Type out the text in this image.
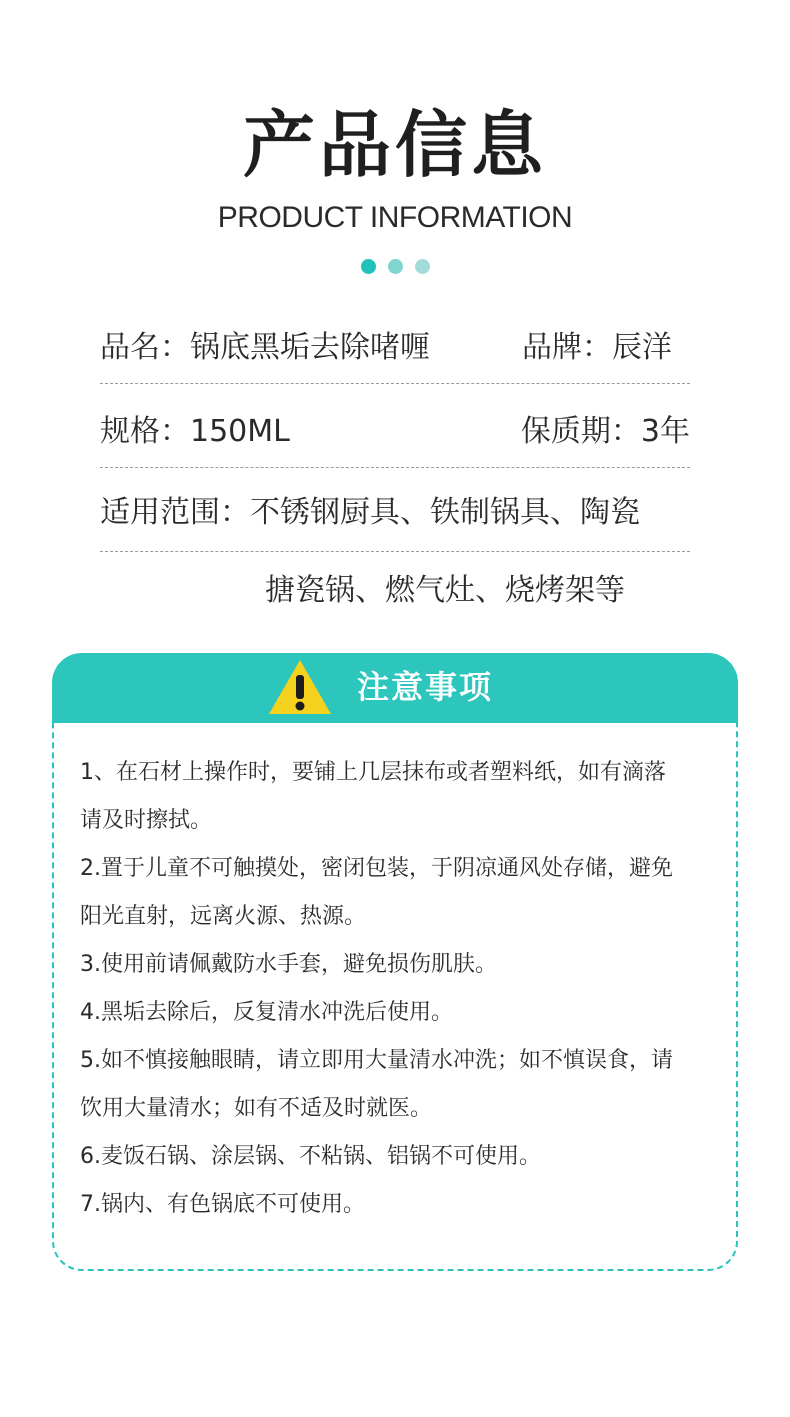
产品信息
PRODUCT INFORMATION

品名：锅底黑垢去除啫喱	品牌：辰洋
规格：150ML	保质期：3年
适用范围：不锈钢厨具、铁制锅具、陶瓷
搪瓷锅、燃气灶、烧烤架等
注意事项
1、在石材上操作时，要铺上几层抹布或者塑料纸，如有滴落
请及时擦拭。
2.置于儿童不可触摸处，密闭包装，于阴凉通风处存储，避免
阳光直射，远离火源、热源。
3.使用前请佩戴防水手套，避免损伤肌肤。
4.黑垢去除后，反复清水冲洗后使用。
5.如不慎接触眼睛，请立即用大量清水冲洗；如不慎误食，请
饮用大量清水；如有不适及时就医。
6.麦饭石锅、涂层锅、不粘锅、铝锅不可使用。
7.锅内、有色锅底不可使用。
